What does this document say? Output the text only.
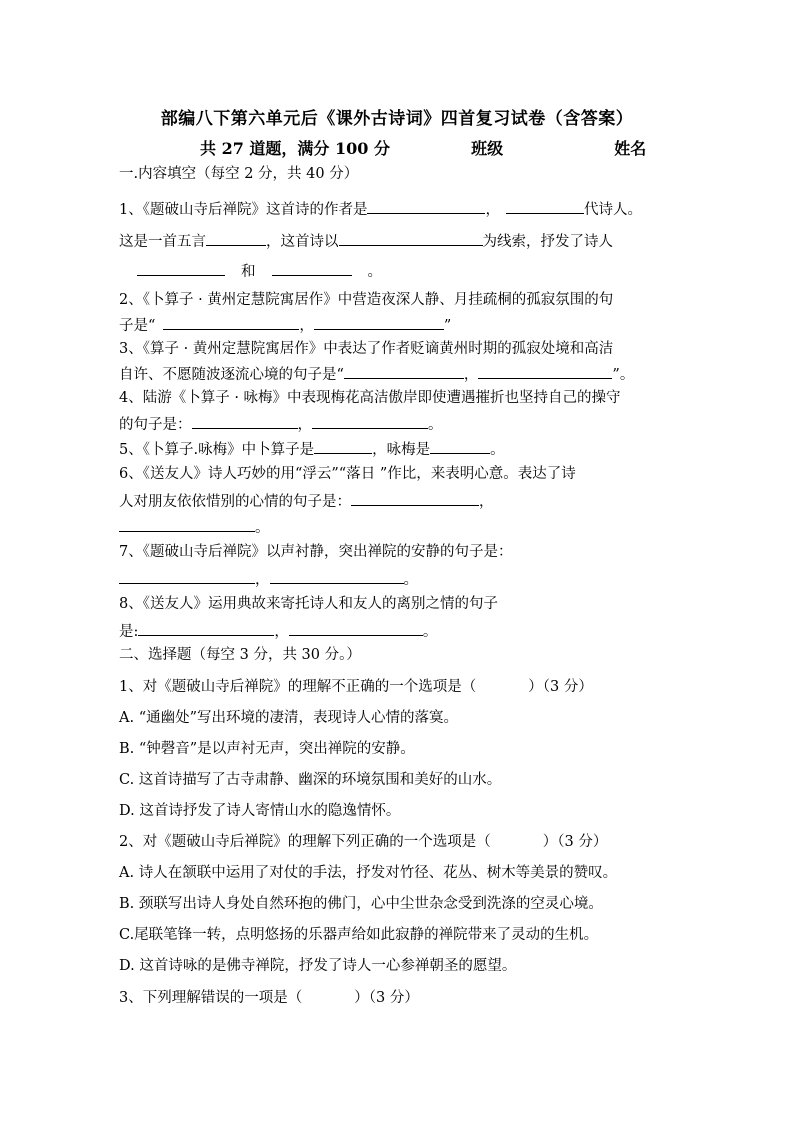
部编八下第六单元后《课外古诗词》四首复习试卷（含答案）
共 27 道题，满分 100 分	班级	姓名
一.内容填空（每空 2 分，共 40 分）
1、《题破山寺后禅院》这首诗的作者是	，	代诗人。
这是一首五言	，这首诗以	为线索，抒发了诗人
和	。
2、《卜算子 · 黄州定慧院寓居作》中营造夜深人静、月挂疏桐的孤寂氛围的句
子是“	，	”
3、《算子 · 黄州定慧院寓居作》中表达了作者贬谪黄州时期的孤寂处境和高洁
自许、不愿随波逐流心境的句子是“	，	”。
4、陆游《卜算子 · 咏梅》中表现梅花高洁傲岸即使遭遇摧折也坚持自己的操守
的句子是：	，	。
5、《卜算子.咏梅》中卜算子是	，咏梅是	。
6、《送友人》诗人巧妙的用“浮云”“落日 ”作比，来表明心意。表达了诗
人对朋友依依惜别的心情的句子是：	，
。
7、《题破山寺后禅院》以声衬静，突出禅院的安静的句子是：
，	。
8、《送友人》运用典故来寄托诗人和友人的离别之情的句子
是:	，	。
二、选择题（每空 3 分，共 30 分。）
1、对《题破山寺后禅院》的理解不正确的一个选项是（	）（3 分）
A. “通幽处”写出环境的凄清，表现诗人心情的落寞。
B. “钟磬音”是以声衬无声，突出禅院的安静。
C. 这首诗描写了古寺肃静、幽深的环境氛围和美好的山水。
D. 这首诗抒发了诗人寄情山水的隐逸情怀。
2、对《题破山寺后禅院》的理解下列正确的一个选项是（	）（3 分）
A. 诗人在颔联中运用了对仗的手法，抒发对竹径、花丛、树木等美景的赞叹。
B. 颈联写出诗人身处自然环抱的佛门，心中尘世杂念受到洗涤的空灵心境。
C.尾联笔锋一转，点明悠扬的乐器声给如此寂静的禅院带来了灵动的生机。
D. 这首诗咏的是佛寺禅院，抒发了诗人一心参禅朝圣的愿望。
3、下列理解错误的一项是（	）（3 分）
